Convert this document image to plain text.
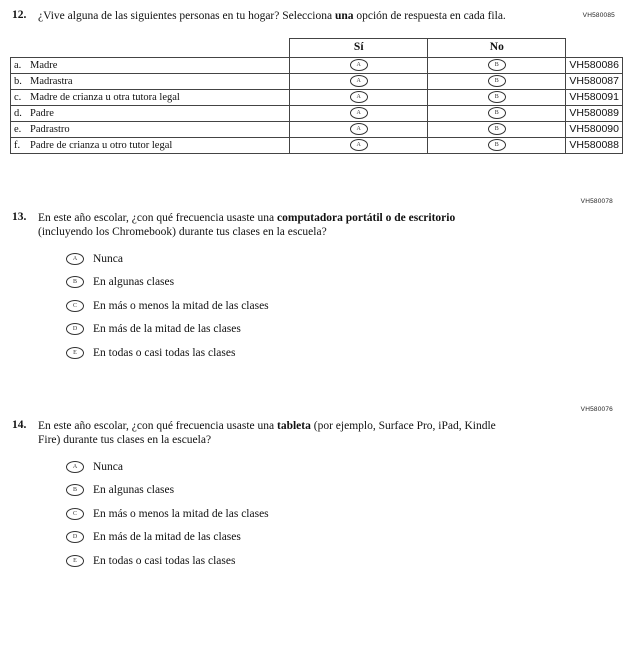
VH580085
12.	¿Vive alguna de las siguientes personas en tu hogar? Selecciona una opción de respuesta en cada fila.
	Sí	No	
a. Madre	A	B	VH580086
b. Madrastra	A	B	VH580087
c. Madre de crianza u otra tutora legal	A	B	VH580091
d. Padre	A	B	VH580089
e. Padrastro	A	B	VH580090
f. Padre de crianza u otro tutor legal	A	B	VH580088
VH580078
13.	En este año escolar, ¿con qué frecuencia usaste una computadora portátil o de escritorio (incluyendo los Chromebook) durante tus clases en la escuela?
A	Nunca
B	En algunas clases
C	En más o menos la mitad de las clases
D	En más de la mitad de las clases
E	En todas o casi todas las clases
VH580076
14.	En este año escolar, ¿con qué frecuencia usaste una tableta (por ejemplo, Surface Pro, iPad, Kindle Fire) durante tus clases en la escuela?
A	Nunca
B	En algunas clases
C	En más o menos la mitad de las clases
D	En más de la mitad de las clases
E	En todas o casi todas las clases
